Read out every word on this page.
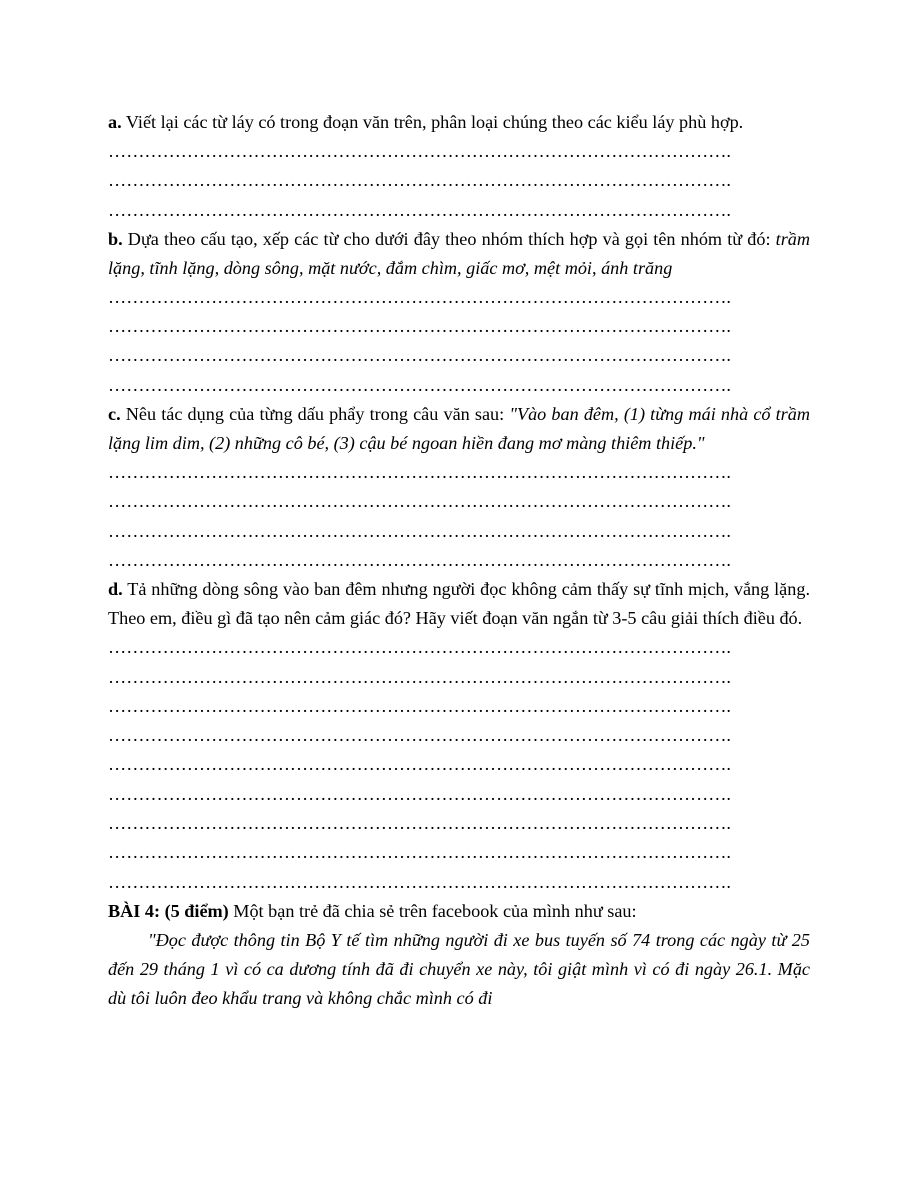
a. Viết lại các từ láy có trong đoạn văn trên, phân loại chúng theo các kiểu láy phù hợp.

………………………………………………………………………………………….

………………………………………………………………………………………….

………………………………………………………………………………………….

b. Dựa theo cấu tạo, xếp các từ cho dưới đây theo nhóm thích hợp và gọi tên nhóm từ đó: trầm lặng, tĩnh lặng, dòng sông, mặt nước, đắm chìm, giấc mơ, mệt mỏi, ánh trăng

………………………………………………………………………………………….

………………………………………………………………………………………….

………………………………………………………………………………………….

………………………………………………………………………………………….

c. Nêu tác dụng của từng dấu phẩy trong câu văn sau: "Vào ban đêm, (1) từng mái nhà cổ trầm lặng lim dim, (2) những cô bé, (3) cậu bé ngoan hiền đang mơ màng thiêm thiếp."

………………………………………………………………………………………….

………………………………………………………………………………………….

………………………………………………………………………………………….

………………………………………………………………………………………….

d. Tả những dòng sông vào ban đêm nhưng người đọc không cảm thấy sự tĩnh mịch, vắng lặng. Theo em, điều gì đã tạo nên cảm giác đó? Hãy viết đoạn văn ngắn từ 3-5 câu giải thích điều đó.

………………………………………………………………………………………….

………………………………………………………………………………………….

………………………………………………………………………………………….

………………………………………………………………………………………….

………………………………………………………………………………………….

………………………………………………………………………………………….

………………………………………………………………………………………….

………………………………………………………………………………………….

………………………………………………………………………………………….

BÀI 4: (5 điểm) Một bạn trẻ đã chia sẻ trên facebook của mình như sau:

"Đọc được thông tin Bộ Y tế tìm những người đi xe bus tuyến số 74 trong các ngày từ 25 đến 29 tháng 1 vì có ca dương tính đã đi chuyển xe này, tôi giật mình vì có đi ngày 26.1. Mặc dù tôi luôn đeo khẩu trang và không chắc mình có đi
